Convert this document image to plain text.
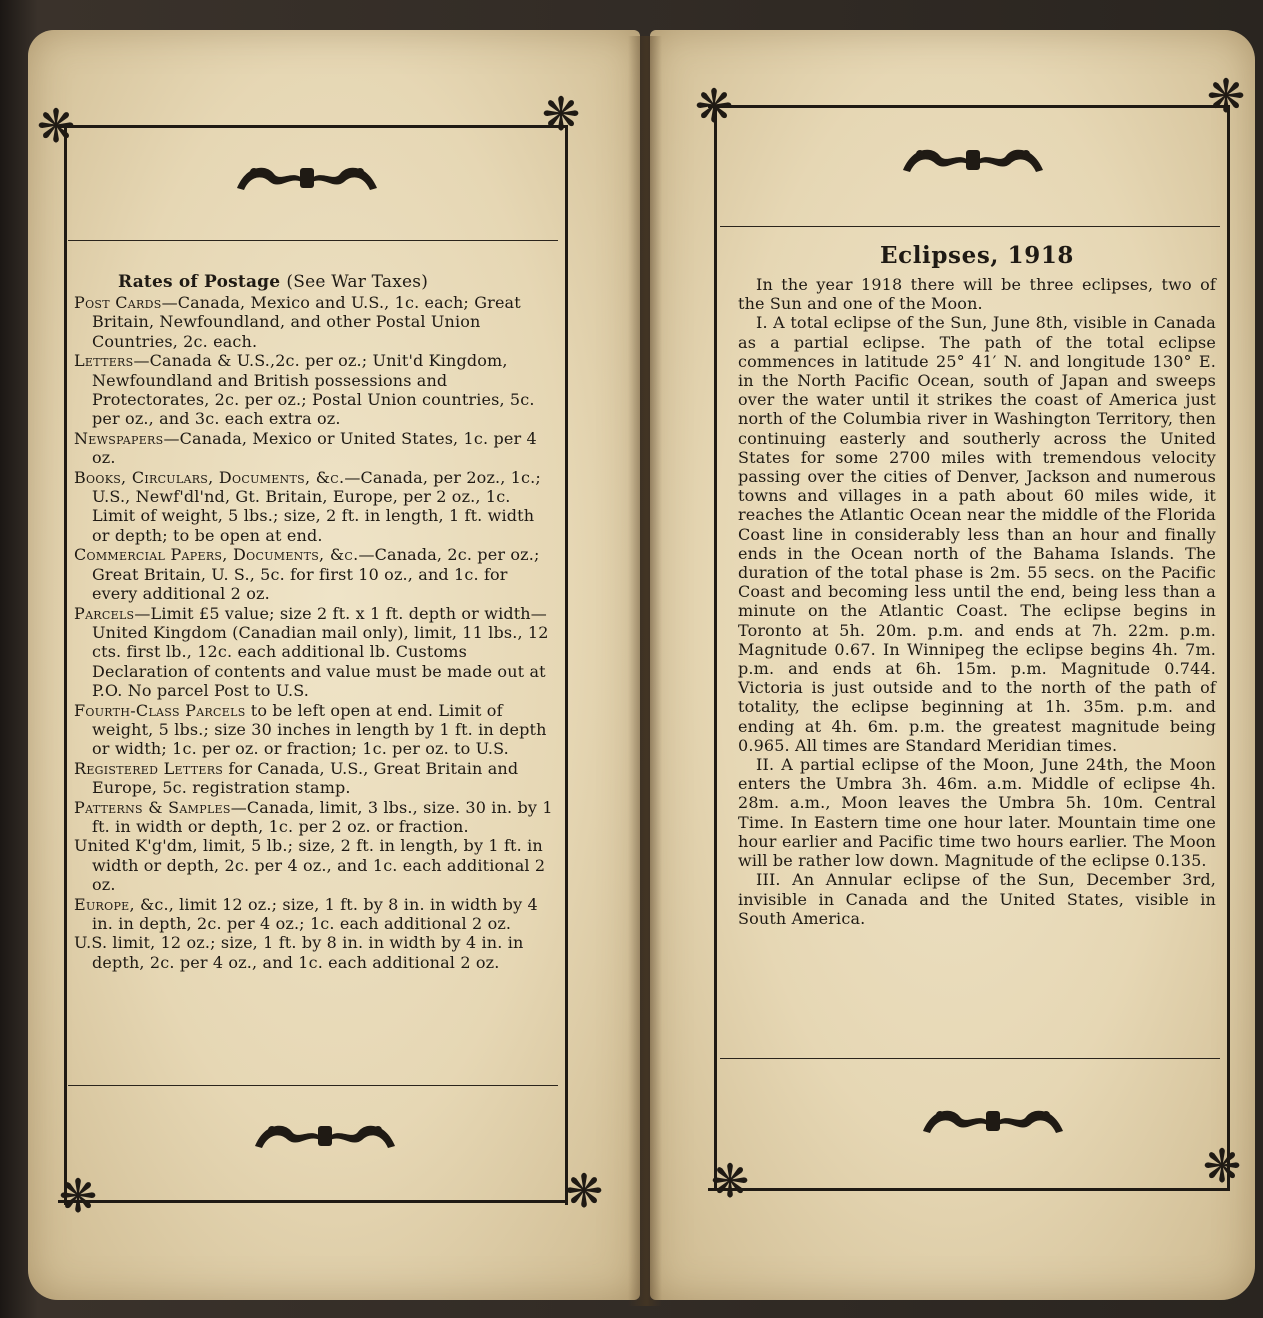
❋	❋
❋	❋

Rates of Postage (See War Taxes)

Post Cards—Canada, Mexico and U.S., 1c. each; Great Britain, Newfoundland, and other Postal Union Countries, 2c. each.

Letters—Canada & U.S.,2c. per oz.; Unit'd Kingdom, Newfoundland and British possessions and Protectorates, 2c. per oz.; Postal Union countries, 5c. per oz., and 3c. each extra oz.

Newspapers—Canada, Mexico or United States, 1c. per 4 oz.

Books, Circulars, Documents, &c.—Canada, per 2oz., 1c.; U.S., Newf'dl'nd, Gt. Britain, Europe, per 2 oz., 1c. Limit of weight, 5 lbs.; size, 2 ft. in length, 1 ft. width or depth; to be open at end.

Commercial Papers, Documents, &c.—Canada, 2c. per oz.; Great Britain, U. S., 5c. for first 10 oz., and 1c. for every additional 2 oz.

Parcels—Limit £5 value; size 2 ft. x 1 ft. depth or width—United Kingdom (Canadian mail only), limit, 11 lbs., 12 cts. first lb., 12c. each additional lb. Customs Declaration of contents and value must be made out at P.O. No parcel Post to U.S.

Fourth-Class Parcels to be left open at end. Limit of weight, 5 lbs.; size 30 inches in length by 1 ft. in depth or width; 1c. per oz. or fraction; 1c. per oz. to U.S.

Registered Letters for Canada, U.S., Great Britain and Europe, 5c. registration stamp.

Patterns & Samples—Canada, limit, 3 lbs., size. 30 in. by 1 ft. in width or depth, 1c. per 2 oz. or fraction.

United K'g'dm, limit, 5 lb.; size, 2 ft. in length, by 1 ft. in width or depth, 2c. per 4 oz., and 1c. each additional 2 oz.

Europe, &c., limit 12 oz.; size, 1 ft. by 8 in. in width by 4 in. in depth, 2c. per 4 oz.; 1c. each additional 2 oz.

U.S. limit, 12 oz.; size, 1 ft. by 8 in. in width by 4 in. in depth, 2c. per 4 oz., and 1c. each additional 2 oz.

❋	❋
❋	❋

Eclipses, 1918

In the year 1918 there will be three eclipses, two of the Sun and one of the Moon.

I. A total eclipse of the Sun, June 8th, visible in Canada as a partial eclipse. The path of the total eclipse commences in latitude 25° 41′ N. and longitude 130° E. in the North Pacific Ocean, south of Japan and sweeps over the water until it strikes the coast of America just north of the Columbia river in Washington Territory, then continuing easterly and southerly across the United States for some 2700 miles with tremendous velocity passing over the cities of Denver, Jackson and numerous towns and villages in a path about 60 miles wide, it reaches the Atlantic Ocean near the middle of the Florida Coast line in considerably less than an hour and finally ends in the Ocean north of the Bahama Islands. The duration of the total phase is 2m. 55 secs. on the Pacific Coast and becoming less until the end, being less than a minute on the Atlantic Coast. The eclipse begins in Toronto at 5h. 20m. p.m. and ends at 7h. 22m. p.m. Magnitude 0.67. In Winnipeg the eclipse begins 4h. 7m. p.m. and ends at 6h. 15m. p.m. Magnitude 0.744. Victoria is just outside and to the north of the path of totality, the eclipse beginning at 1h. 35m. p.m. and ending at 4h. 6m. p.m. the greatest magnitude being 0.965. All times are Standard Meridian times.

II. A partial eclipse of the Moon, June 24th, the Moon enters the Umbra 3h. 46m. a.m. Middle of eclipse 4h. 28m. a.m., Moon leaves the Umbra 5h. 10m. Central Time. In Eastern time one hour later. Mountain time one hour earlier and Pacific time two hours earlier. The Moon will be rather low down. Magnitude of the eclipse 0.135.

III. An Annular eclipse of the Sun, December 3rd, invisible in Canada and the United States, visible in South America.
